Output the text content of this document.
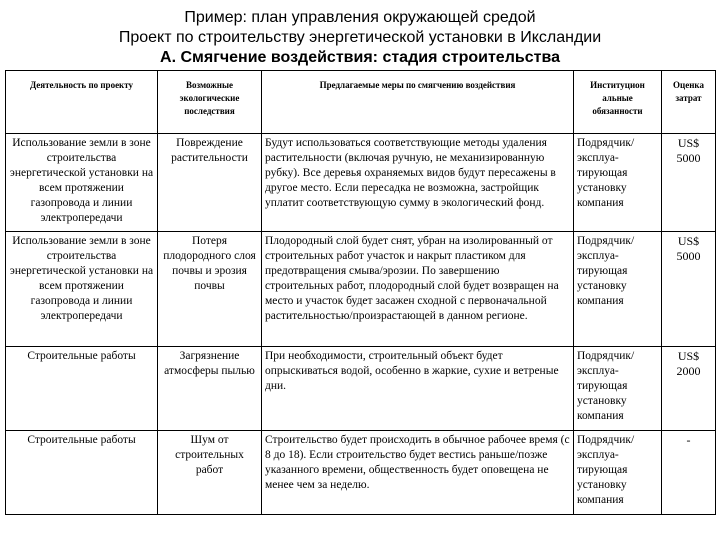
Пример: план управления окружающей средой
Проект по строительству энергетической установки в Иксландии
А. Смягчение воздействия: стадия строительства
Деятельность по проекту	Возможные экологические последствия	Предлагаемые меры по смягчению воздействия	Институцион альные обязанности	Оценка затрат
Использование земли в зоне строительства энергетической установки на всем протяжении газопровода и линии электропередачи	Повреждение растительности	Будут использоваться соответствующие методы удаления растительности (включая ручную, не механизированную рубку). Все деревья охраняемых видов будут пересажены в другое место. Если пересадка не возможна, застройщик уплатит соответствующую сумму в экологический фонд.	Подрядчик/ эксплуа-тирующая установку компания	US$ 5000
Использование земли в зоне строительства энергетической установки на всем протяжении газопровода и линии электропередачи	Потеря плодородного слоя почвы и эрозия почвы	Плодородный слой будет снят, убран на изолированный от строительных работ участок и накрыт пластиком для предотвращения смыва/эрозии. По завершению строительных работ, плодородный слой будет возвращен на место и участок будет засажен сходной с первоначальной растительностью/произрастающей в данном регионе.	Подрядчик/ эксплуа-тирующая установку компания	US$ 5000
Строительные работы	Загрязнение атмосферы пылью	При необходимости, строительный объект будет опрыскиваться водой, особенно в жаркие, сухие и ветреные дни.	Подрядчик/ эксплуа-тирующая установку компания	US$ 2000
Строительные работы	Шум от строительных работ	Строительство будет происходить в обычное рабочее время (с 8 до 18). Если строительство будет вестись раньше/позже указанного времени, общественность будет оповещена не менее чем за неделю.	Подрядчик/ эксплуа-тирующая установку компания	-
